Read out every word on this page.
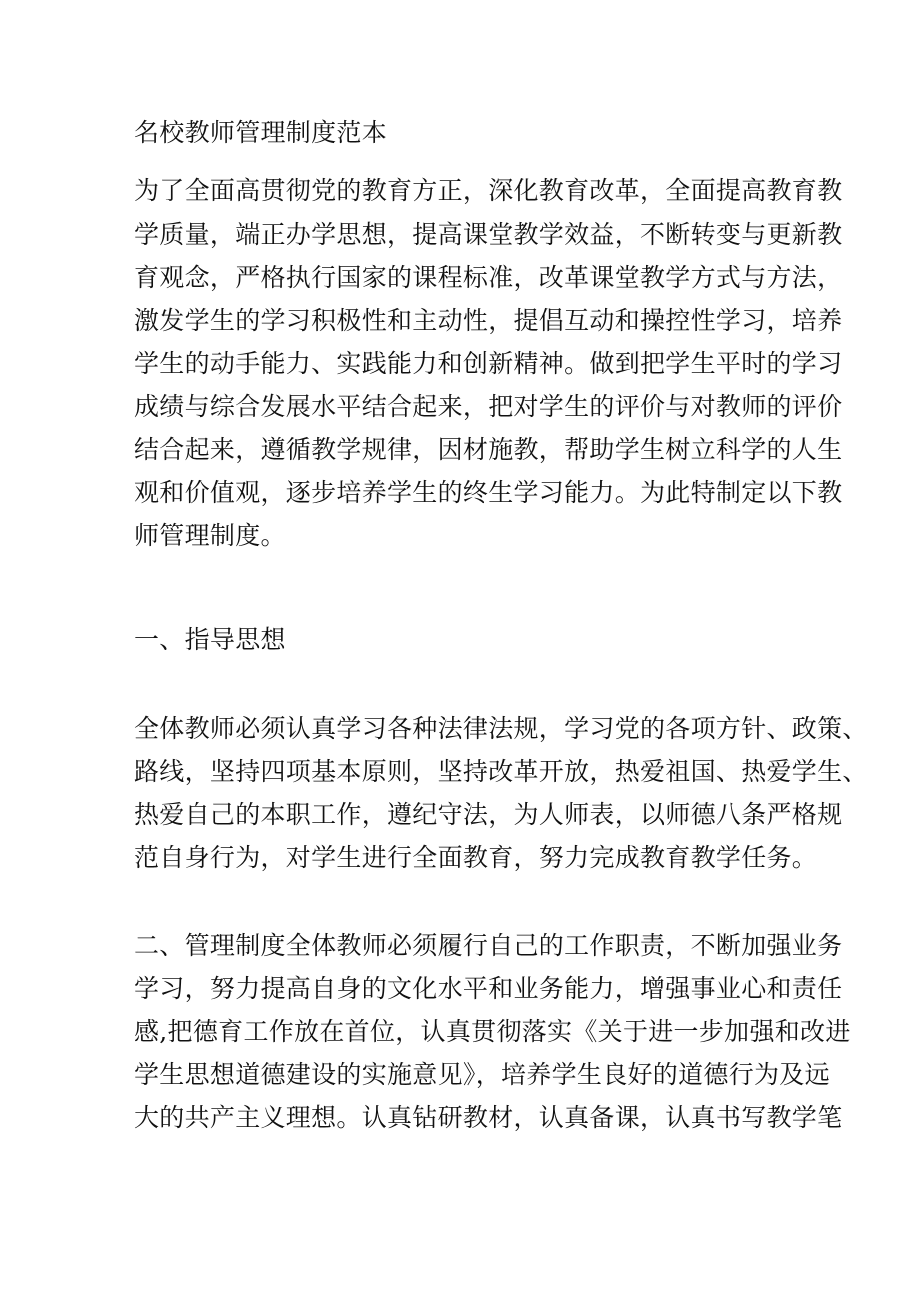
名校教师管理制度范本

为了全面高贯彻党的教育方正，深化教育改革，全面提高教育教

学质量，端正办学思想，提高课堂教学效益，不断转变与更新教

育观念，严格执行国家的课程标准，改革课堂教学方式与方法，

激发学生的学习积极性和主动性，提倡互动和操控性学习，培养

学生的动手能力、实践能力和创新精神。做到把学生平时的学习

成绩与综合发展水平结合起来，把对学生的评价与对教师的评价

结合起来，遵循教学规律，因材施教，帮助学生树立科学的人生

观和价值观，逐步培养学生的终生学习能力。为此特制定以下教

师管理制度。

一、指导思想

全体教师必须认真学习各种法律法规，学习党的各项方针、政策、

路线，坚持四项基本原则，坚持改革开放，热爱祖国、热爱学生、

热爱自己的本职工作，遵纪守法，为人师表，以师德八条严格规

范自身行为，对学生进行全面教育，努力完成教育教学任务。

二、管理制度全体教师必须履行自己的工作职责，不断加强业务

学习，努力提高自身的文化水平和业务能力，增强事业心和责任

感,把德育工作放在首位，认真贯彻落实《关于进一步加强和改进

学生思想道德建设的实施意见》，培养学生良好的道德行为及远

大的共产主义理想。认真钻研教材，认真备课，认真书写教学笔
